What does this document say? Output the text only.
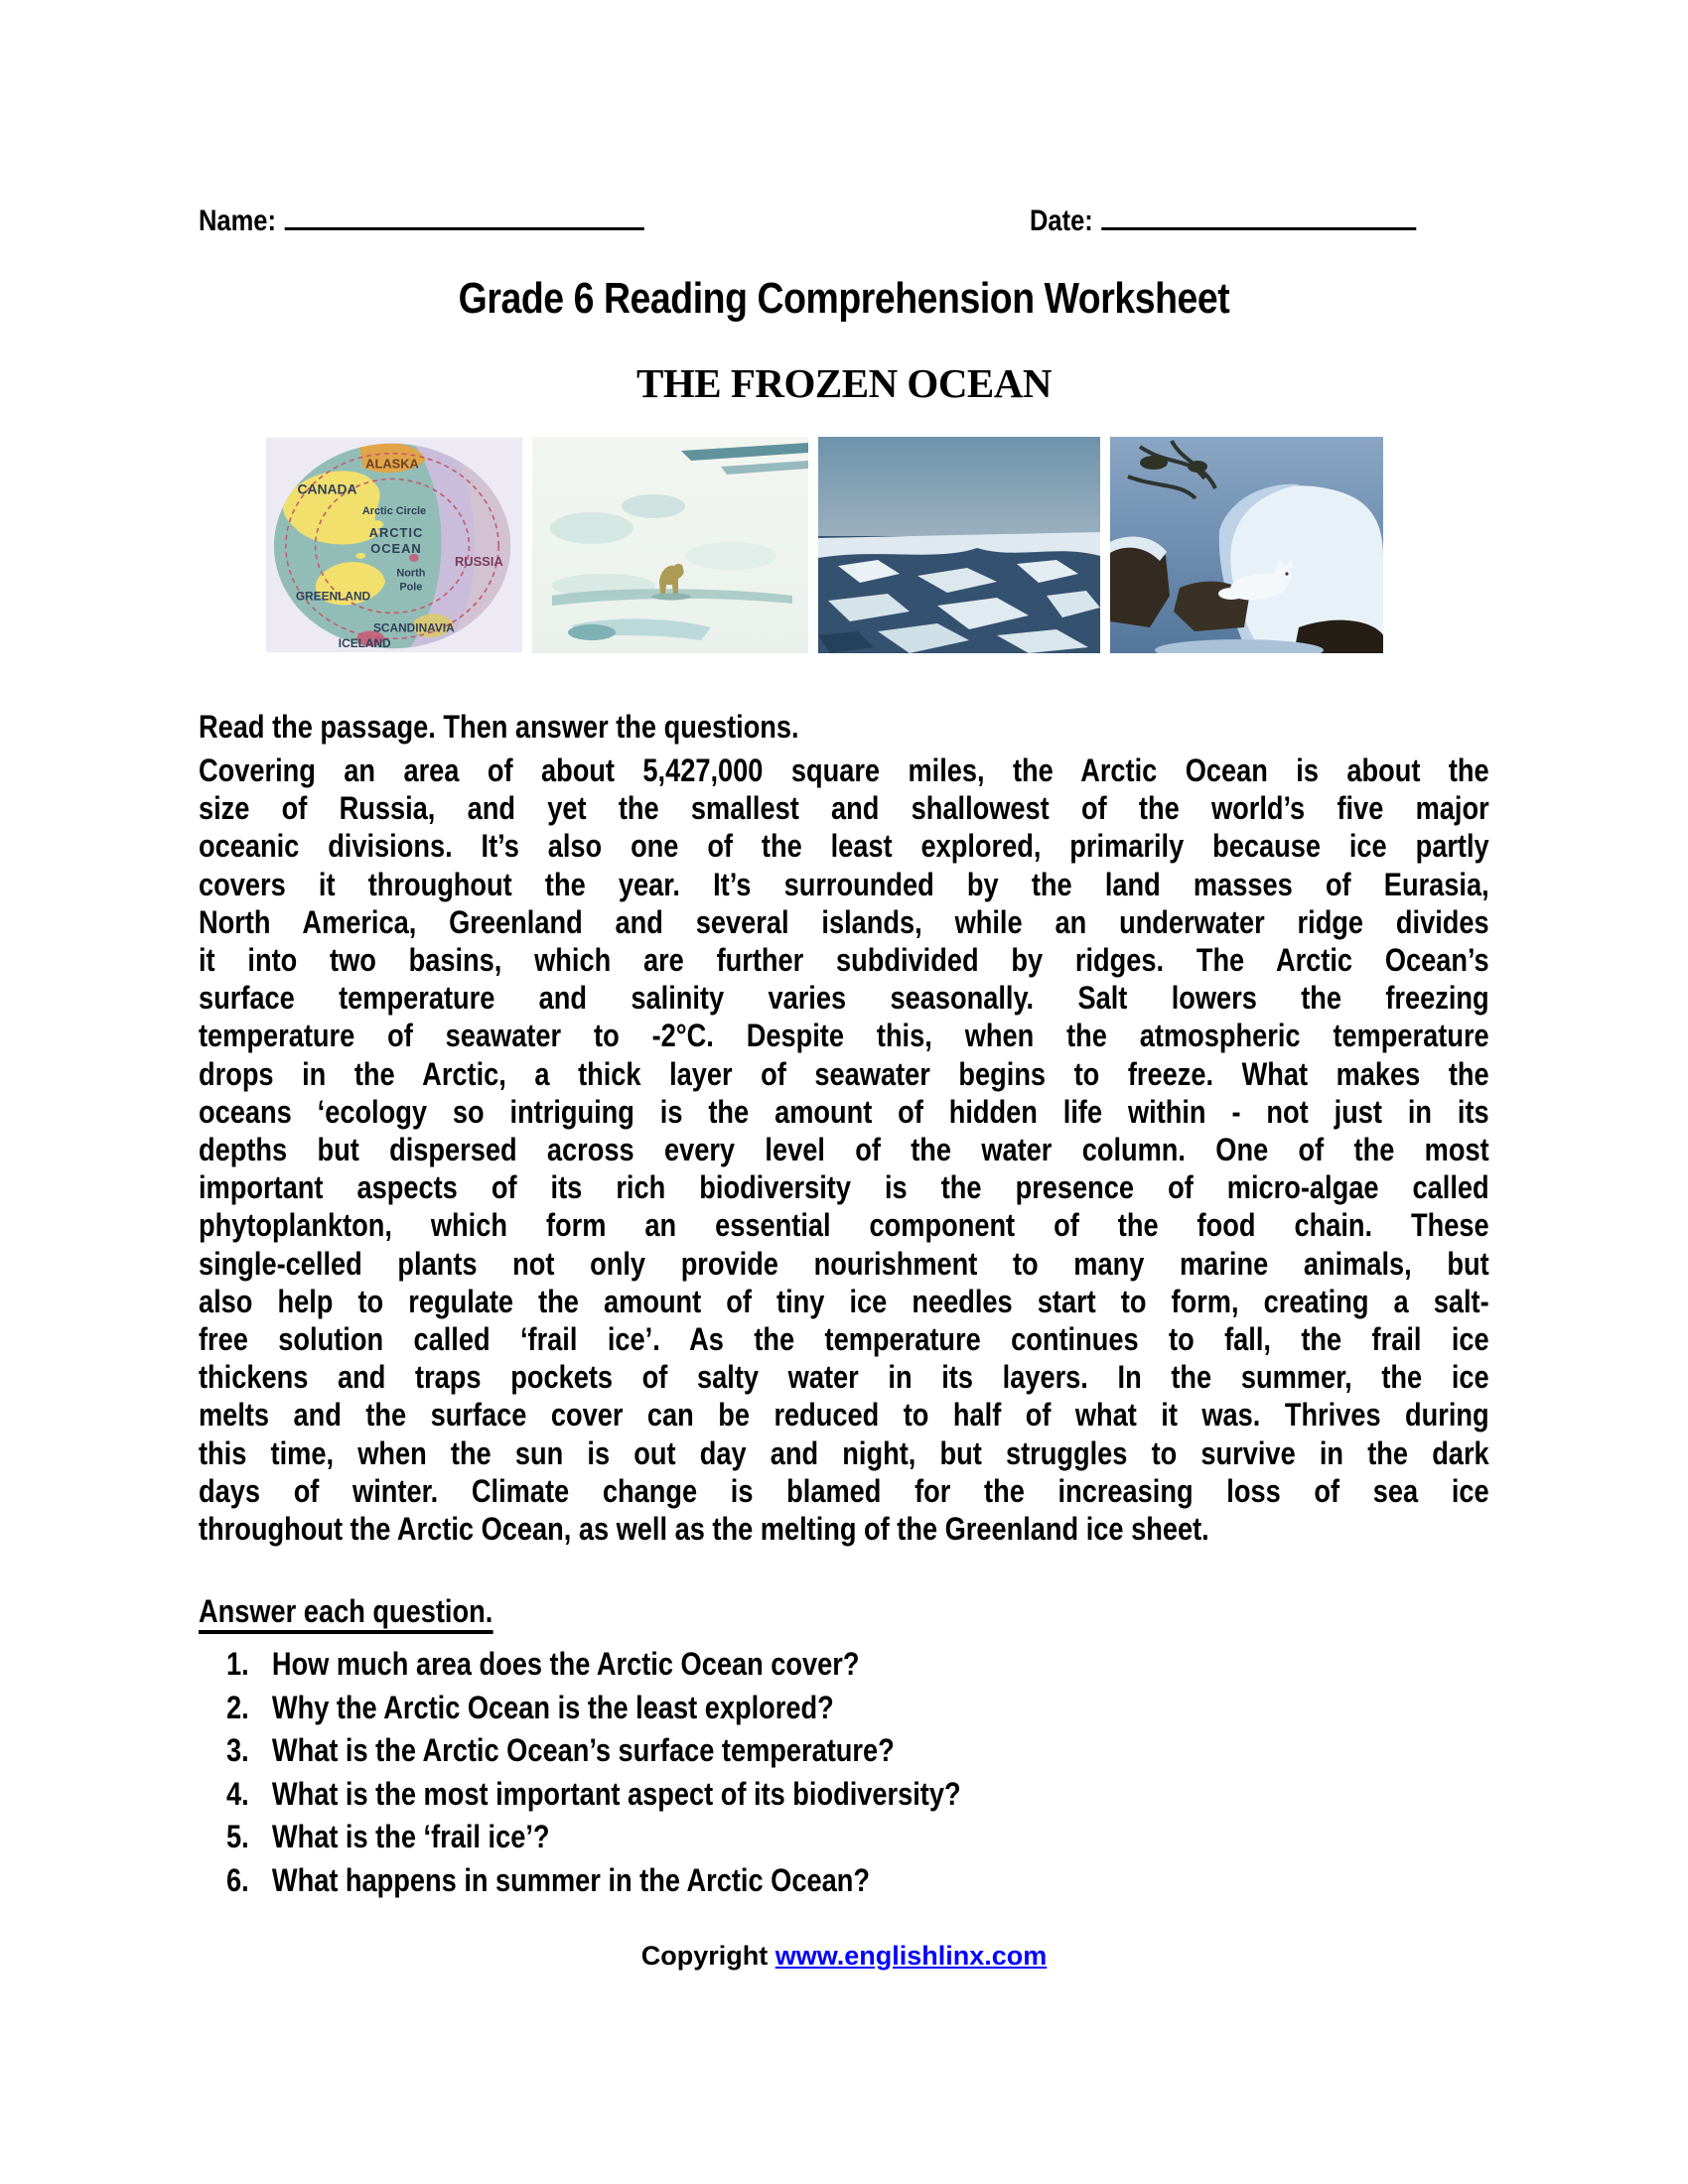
Name:	Date:
Grade 6 Reading Comprehension Worksheet
THE FROZEN OCEAN
ALASKA
CANADA
Arctic Circle
ARCTIC
OCEAN
RUSSIA
North
Pole
GREENLAND
SCANDINAVIA
ICELAND
Read the passage. Then answer the questions.
Covering an area of about 5,427,000 square miles, the Arctic Ocean is about the
size of Russia, and yet the smallest and shallowest of the world’s five major
oceanic divisions. It’s also one of the least explored, primarily because ice partly
covers it throughout the year. It’s surrounded by the land masses of Eurasia,
North America, Greenland and several islands, while an underwater ridge divides
it into two basins, which are further subdivided by ridges. The Arctic Ocean’s
surface temperature and salinity varies seasonally. Salt lowers the freezing
temperature of seawater to -2°C. Despite this, when the atmospheric temperature
drops in the Arctic, a thick layer of seawater begins to freeze. What makes the
oceans ‘ecology so intriguing is the amount of hidden life within - not just in its
depths but dispersed across every level of the water column. One of the most
important aspects of its rich biodiversity is the presence of micro-algae called
phytoplankton, which form an essential component of the food chain. These
single-celled plants not only provide nourishment to many marine animals, but
also help to regulate the amount of tiny ice needles start to form, creating a salt-
free solution called ‘frail ice’. As the temperature continues to fall, the frail ice
thickens and traps pockets of salty water in its layers. In the summer, the ice
melts and the surface cover can be reduced to half of what it was. Thrives during
this time, when the sun is out day and night, but struggles to survive in the dark
days of winter. Climate change is blamed for the increasing loss of sea ice
throughout the Arctic Ocean, as well as the melting of the Greenland ice sheet.
Answer each question.
1. How much area does the Arctic Ocean cover?
2. Why the Arctic Ocean is the least explored?
3. What is the Arctic Ocean’s surface temperature?
4. What is the most important aspect of its biodiversity?
5. What is the ‘frail ice’?
6. What happens in summer in the Arctic Ocean?
Copyright www.englishlinx.com
